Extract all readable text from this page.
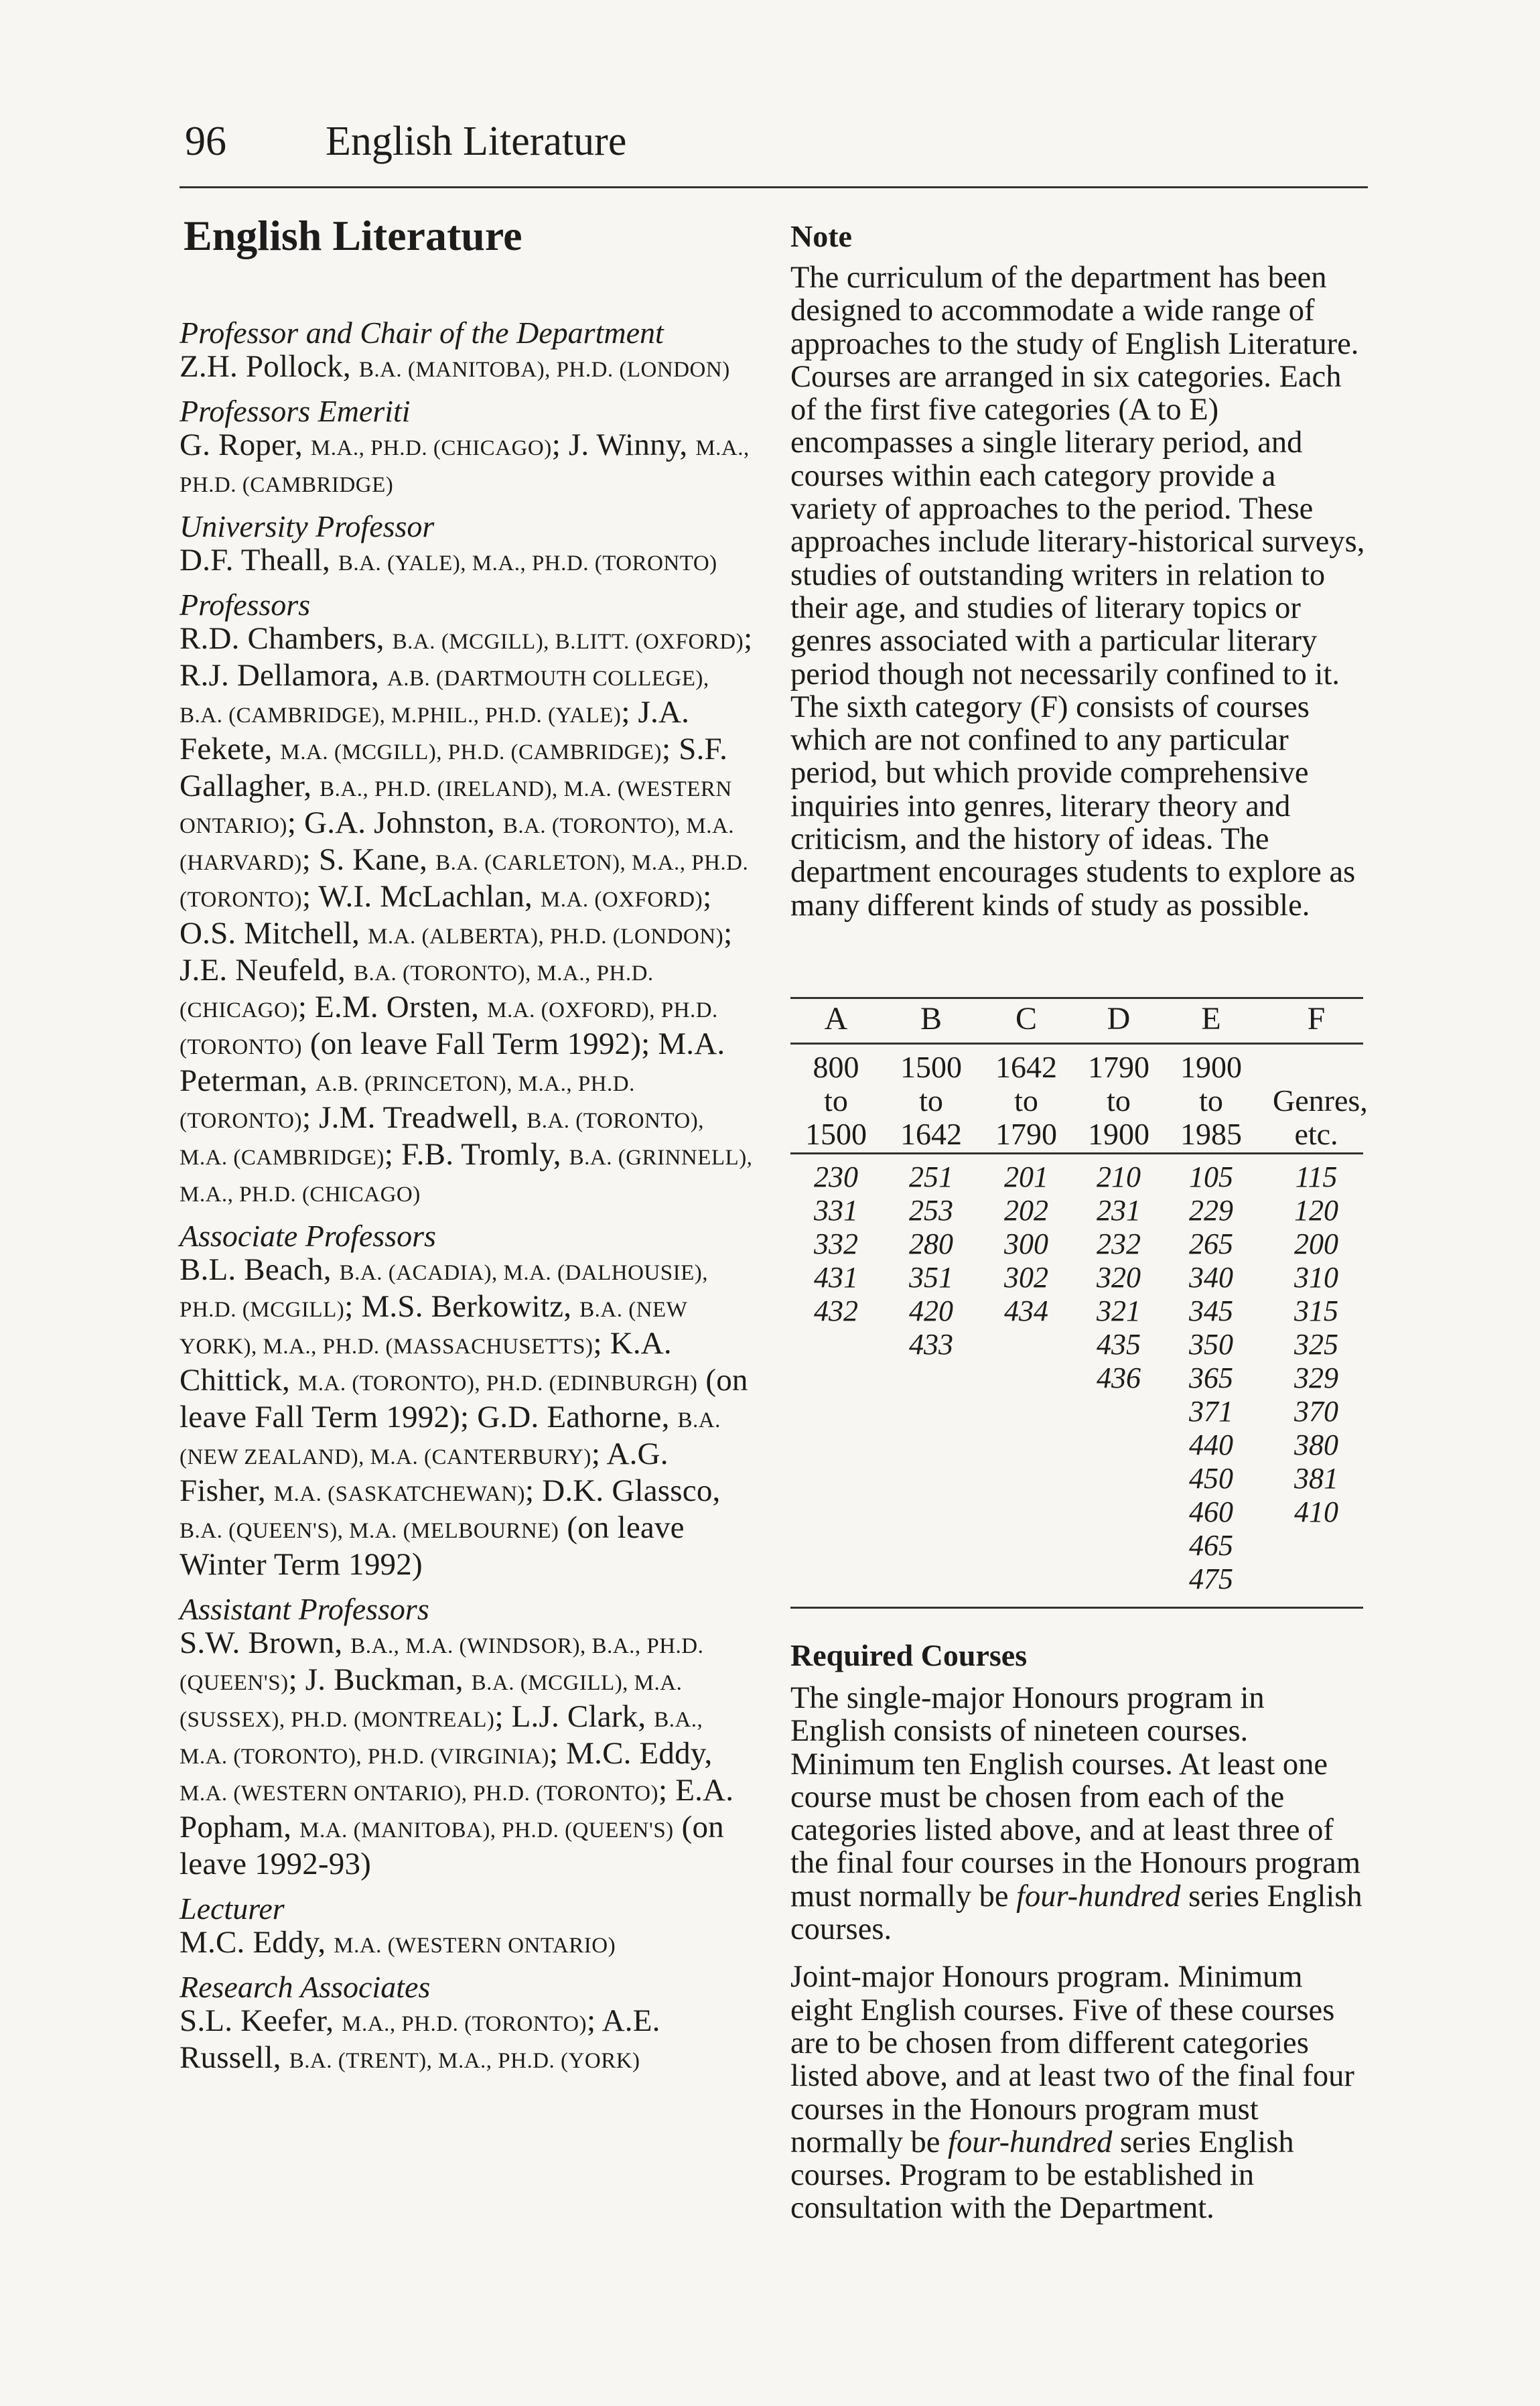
96 English Literature
English Literature

Professor and Chair of the Department

Z.H. Pollock, B.A. (MANITOBA), PH.D. (LONDON)

Professors Emeriti

G. Roper, M.A., PH.D. (CHICAGO); J. Winny, M.A., PH.D. (CAMBRIDGE)

University Professor

D.F. Theall, B.A. (YALE), M.A., PH.D. (TORONTO)

Professors

R.D. Chambers, B.A. (MCGILL), B.LITT. (OXFORD); R.J. Dellamora, A.B. (DARTMOUTH COLLEGE), B.A. (CAMBRIDGE), M.PHIL., PH.D. (YALE); J.A. Fekete, M.A. (MCGILL), PH.D. (CAMBRIDGE); S.F. Gallagher, B.A., PH.D. (IRELAND), M.A. (WESTERN ONTARIO); G.A. Johnston, B.A. (TORONTO), M.A. (HARVARD); S. Kane, B.A. (CARLETON), M.A., PH.D. (TORONTO); W.I. McLachlan, M.A. (OXFORD); O.S. Mitchell, M.A. (ALBERTA), PH.D. (LONDON); J.E. Neufeld, B.A. (TORONTO), M.A., PH.D. (CHICAGO); E.M. Orsten, M.A. (OXFORD), PH.D. (TORONTO) (on leave Fall Term 1992); M.A. Peterman, A.B. (PRINCETON), M.A., PH.D. (TORONTO); J.M. Treadwell, B.A. (TORONTO), M.A. (CAMBRIDGE); F.B. Tromly, B.A. (GRINNELL), M.A., PH.D. (CHICAGO)

Associate Professors

B.L. Beach, B.A. (ACADIA), M.A. (DALHOUSIE), PH.D. (MCGILL); M.S. Berkowitz, B.A. (NEW YORK), M.A., PH.D. (MASSACHUSETTS); K.A. Chittick, M.A. (TORONTO), PH.D. (EDINBURGH) (on leave Fall Term 1992); G.D. Eathorne, B.A. (NEW ZEALAND), M.A. (CANTERBURY); A.G. Fisher, M.A. (SASKATCHEWAN); D.K. Glassco, B.A. (QUEEN'S), M.A. (MELBOURNE) (on leave Winter Term 1992)

Assistant Professors

S.W. Brown, B.A., M.A. (WINDSOR), B.A., PH.D. (QUEEN'S); J. Buckman, B.A. (MCGILL), M.A. (SUSSEX), PH.D. (MONTREAL); L.J. Clark, B.A., M.A. (TORONTO), PH.D. (VIRGINIA); M.C. Eddy, M.A. (WESTERN ONTARIO), PH.D. (TORONTO); E.A. Popham, M.A. (MANITOBA), PH.D. (QUEEN'S) (on leave 1992-93)

Lecturer

M.C. Eddy, M.A. (WESTERN ONTARIO)

Research Associates

S.L. Keefer, M.A., PH.D. (TORONTO); A.E. Russell, B.A. (TRENT), M.A., PH.D. (YORK)

Note

The curriculum of the department has been designed to accommodate a wide range of approaches to the study of English Literature. Courses are arranged in six categories. Each of the first five categories (A to E) encompasses a single literary period, and courses within each category provide a variety of approaches to the period. These approaches include literary-historical surveys, studies of outstanding writers in relation to their age, and studies of literary topics or genres associated with a particular literary period though not necessarily confined to it. The sixth category (F) consists of courses which are not confined to any particular period, but which provide comprehensive inquiries into genres, literary theory and criticism, and the history of ideas. The department encourages students to explore as many different kinds of study as possible.

A
800
to
1500
230
331
332
431
432
B
1500
to
1642
251
253
280
351
420
433
C
1642
to
1790
201
202
300
302
434
D
1790
to
1900
210
231
232
320
321
435
436
E
1900
to
1985
105
229
265
340
345
350
365
371
440
450
460
465
475
F
Genres,
etc.
115
120
200
310
315
325
329
370
380
381
410
Required Courses

The single-major Honours program in English consists of nineteen courses. Minimum ten English courses. At least one course must be chosen from each of the categories listed above, and at least three of the final four courses in the Honours program must normally be four-hundred series English courses.

Joint-major Honours program. Minimum eight English courses. Five of these courses are to be chosen from different categories listed above, and at least two of the final four courses in the Honours program must normally be four-hundred series English courses. Program to be established in consultation with the Department.
